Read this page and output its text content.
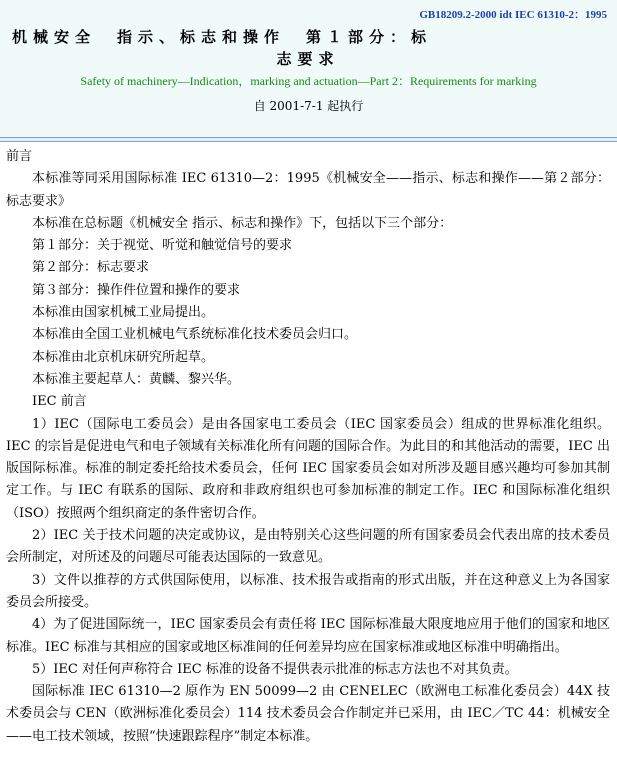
GB18209.2-2000 idt IEC 61310-2：1995
机械安全　指示、标志和操作　第１部分：标
志要求
Safety of machinery—Indication，marking and actuation—Part 2：Requirements for marking
自 2001-7-1 起执行

前言

本标准等同采用国际标准 IEC 61310—2：1995《机械安全——指示、标志和操作——第２部分：标志要求》

本标准在总标题《机械安全 指示、标志和操作》下，包括以下三个部分：

第１部分：关于视觉、听觉和触觉信号的要求

第２部分：标志要求

第３部分：操作件位置和操作的要求

本标准由国家机械工业局提出。

本标准由全国工业机械电气系统标准化技术委员会归口。

本标准由北京机床研究所起草。

本标准主要起草人：黄麟、黎兴华。

IEC 前言

1）IEC（国际电工委员会）是由各国家电工委员会（IEC 国家委员会）组成的世界标准化组织。IEC 的宗旨是促进电气和电子领域有关标准化所有问题的国际合作。为此目的和其他活动的需要，IEC 出版国际标准。标准的制定委托给技术委员会，任何 IEC 国家委员会如对所涉及题目感兴趣均可参加其制定工作。与 IEC 有联系的国际、政府和非政府组织也可参加标准的制定工作。IEC 和国际标准化组织（ISO）按照两个组织商定的条件密切合作。

2）IEC 关于技术问题的决定或协议，是由特别关心这些问题的所有国家委员会代表出席的技术委员会所制定，对所述及的问题尽可能表达国际的一致意见。

3）文件以推荐的方式供国际使用，以标准、技术报告或指南的形式出版，并在这种意义上为各国家委员会所接受。

4）为了促进国际统一，IEC 国家委员会有责任将 IEC 国际标准最大限度地应用于他们的国家和地区标准。IEC 标准与其相应的国家或地区标准间的任何差异均应在国家标准或地区标准中明确指出。

5）IEC 对任何声称符合 IEC 标准的设备不提供表示批准的标志方法也不对其负责。

国际标准 IEC 61310—2 原作为 EN 50099—2 由 CENELEC（欧洲电工标准化委员会）44X 技术委员会与 CEN（欧洲标准化委员会）114 技术委员会合作制定并已采用，由 IEC／TC 44：机械安全——电工技术领域，按照“快速跟踪程序”制定本标准。
